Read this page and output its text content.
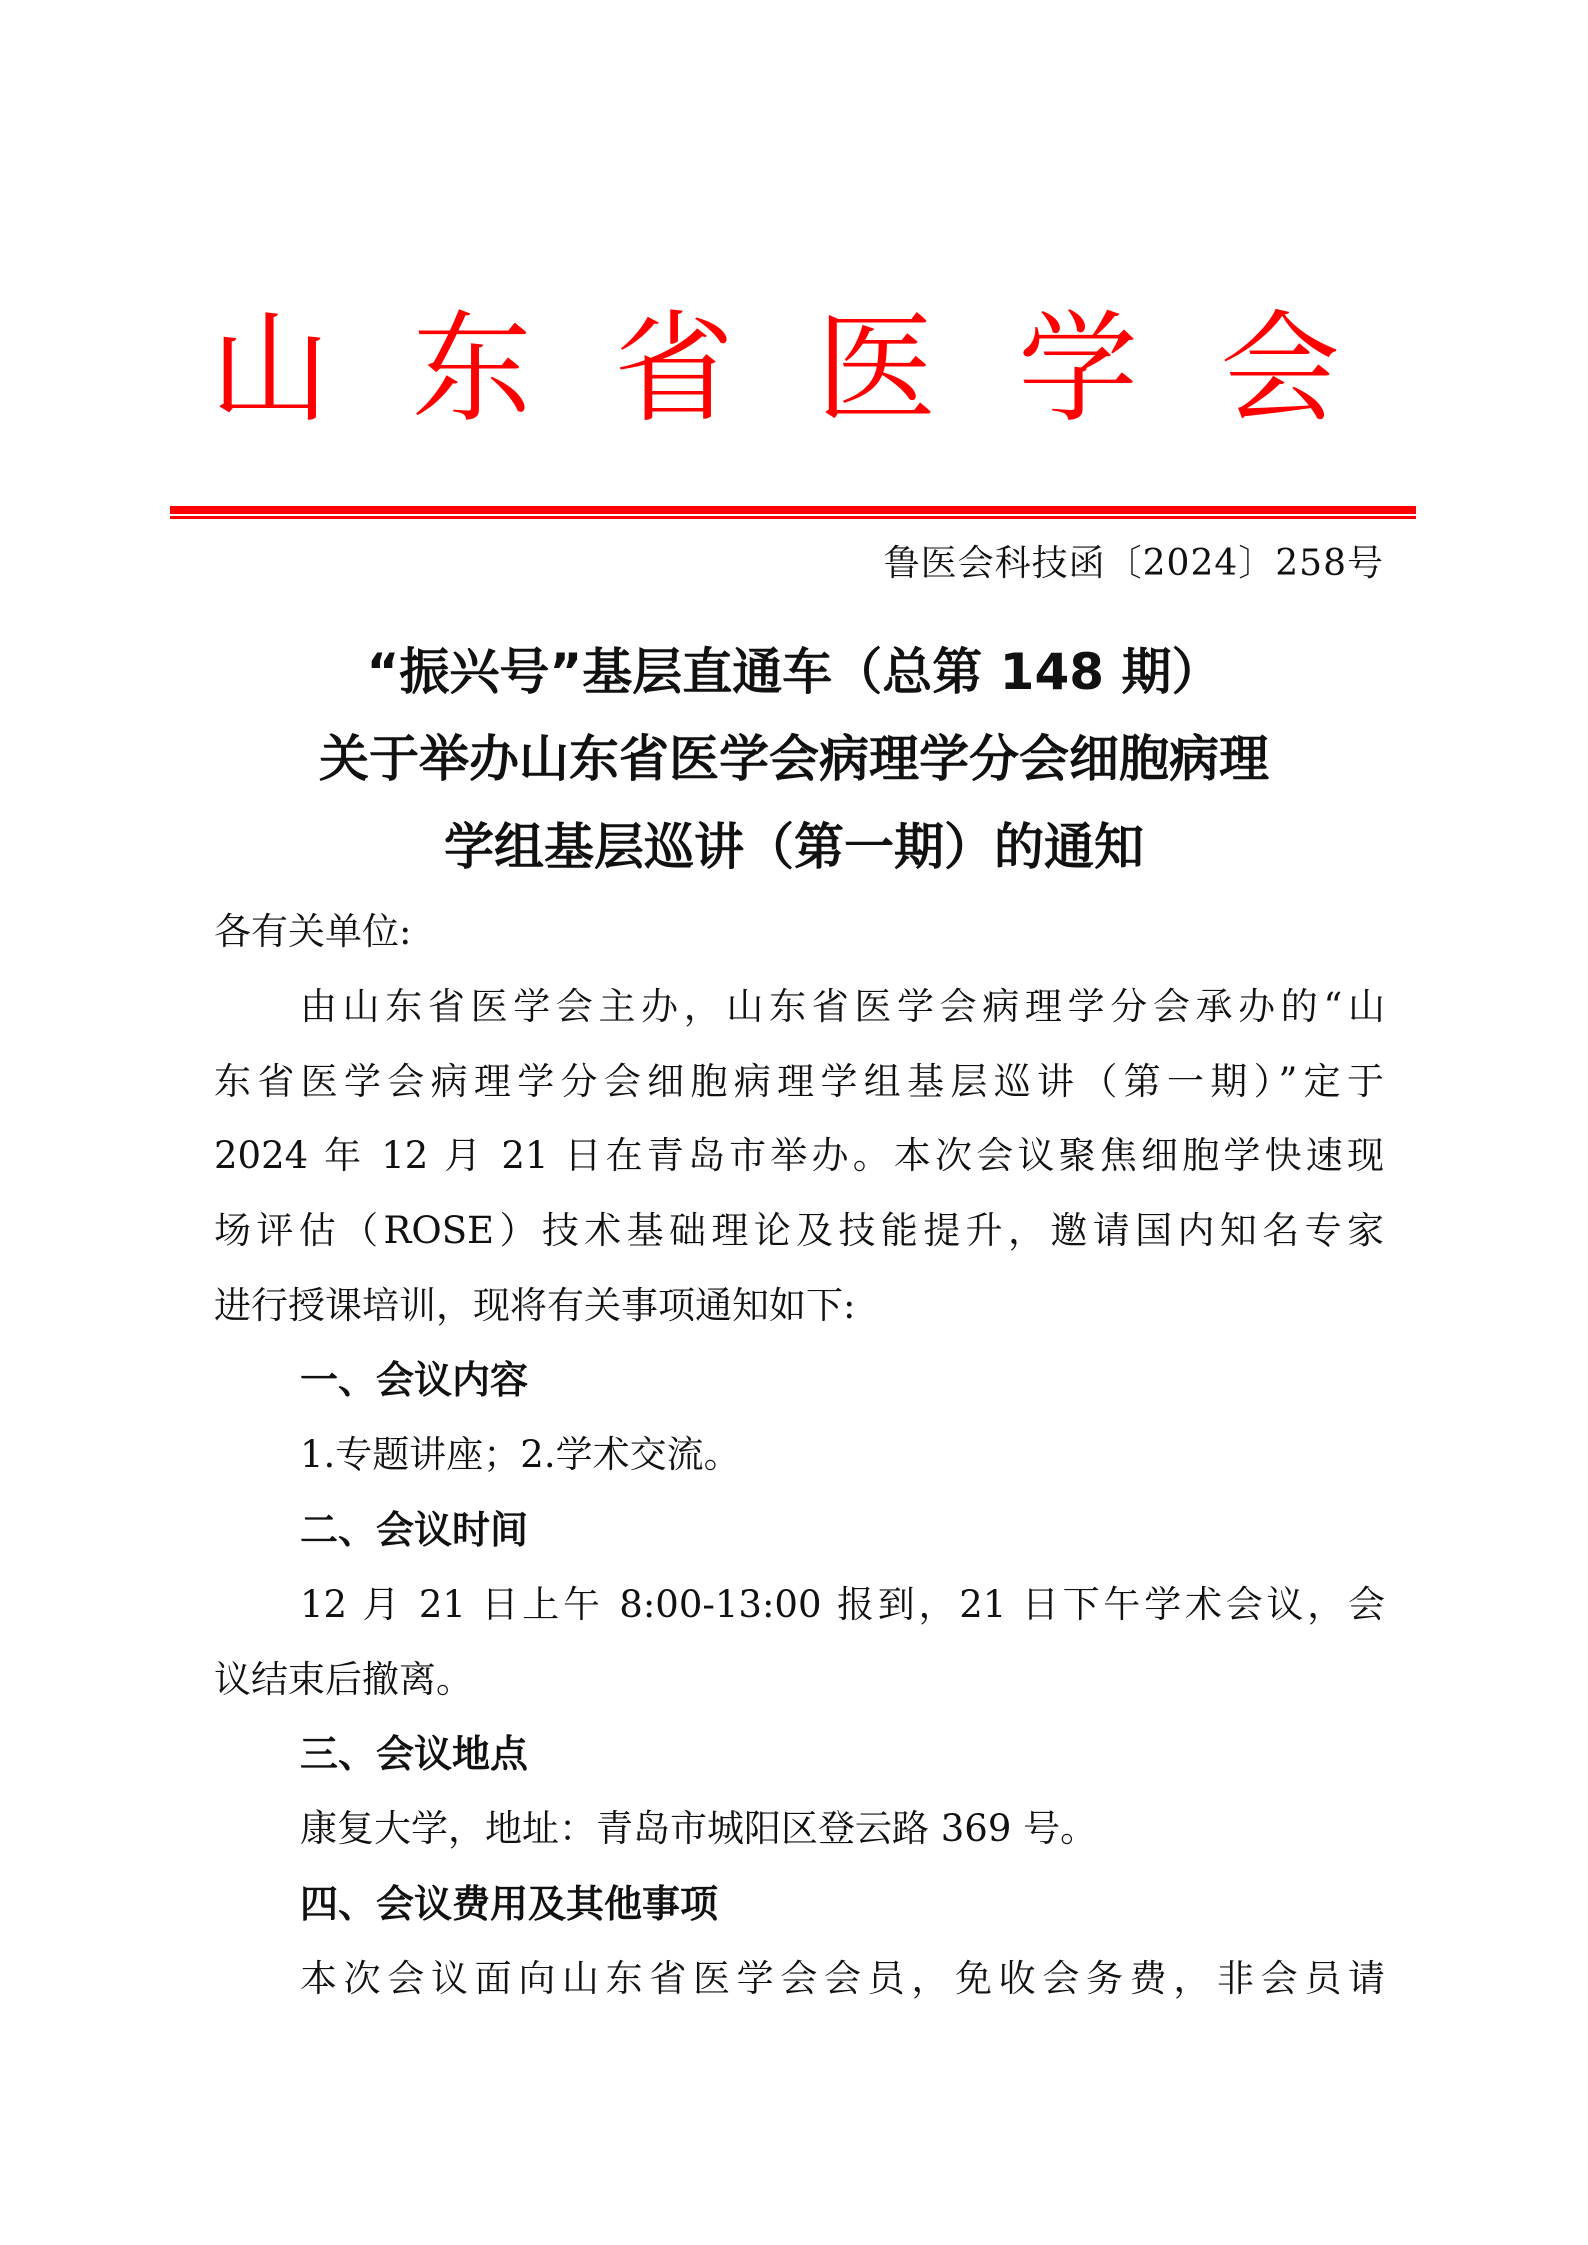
山 东 省 医 学 会
鲁医会科技函〔2024〕258号
“振兴号”基层直通车（总第 148 期）
关于举办山东省医学会病理学分会细胞病理
学组基层巡讲（第一期）的通知
各有关单位:
由山东省医学会主办，山东省医学会病理学分会承办的“山
东省医学会病理学分会细胞病理学组基层巡讲（第一期）”定于
2024 年 12 月 21 日在青岛市举办。本次会议聚焦细胞学快速现
场评估（ROSE）技术基础理论及技能提升，邀请国内知名专家
进行授课培训，现将有关事项通知如下:
一、会议内容
1.专题讲座；2.学术交流。
二、会议时间
12 月 21 日上午 8:00-13:00 报到，21 日下午学术会议，会
议结束后撤离。
三、会议地点
康复大学，地址：青岛市城阳区登云路 369 号。
四、会议费用及其他事项
本次会议面向山东省医学会会员，免收会务费，非会员请
